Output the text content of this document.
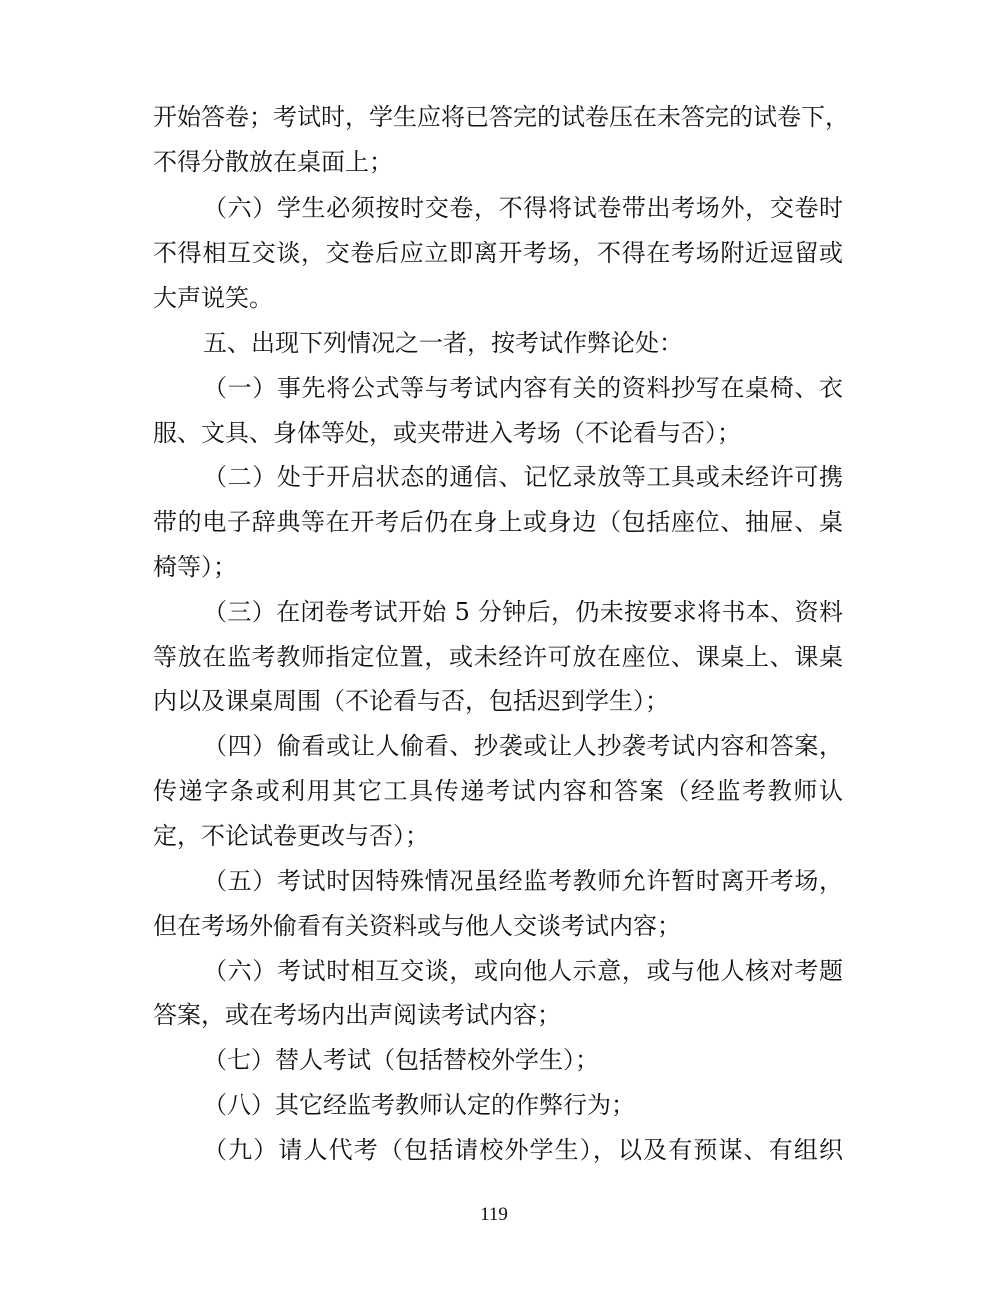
开始答卷；考试时，学生应将已答完的试卷压在未答完的试卷下，
不得分散放在桌面上；
（六）学生必须按时交卷，不得将试卷带出考场外，交卷时
不得相互交谈，交卷后应立即离开考场，不得在考场附近逗留或
大声说笑。
五、出现下列情况之一者，按考试作弊论处：
（一）事先将公式等与考试内容有关的资料抄写在桌椅、衣
服、文具、身体等处，或夹带进入考场（不论看与否）；
（二）处于开启状态的通信、记忆录放等工具或未经许可携
带的电子辞典等在开考后仍在身上或身边（包括座位、抽屉、桌
椅等）；
（三）在闭卷考试开始 5 分钟后，仍未按要求将书本、资料
等放在监考教师指定位置，或未经许可放在座位、课桌上、课桌
内以及课桌周围（不论看与否，包括迟到学生）；
（四）偷看或让人偷看、抄袭或让人抄袭考试内容和答案，
传递字条或利用其它工具传递考试内容和答案（经监考教师认
定，不论试卷更改与否）；
（五）考试时因特殊情况虽经监考教师允许暂时离开考场，
但在考场外偷看有关资料或与他人交谈考试内容；
（六）考试时相互交谈，或向他人示意，或与他人核对考题
答案，或在考场内出声阅读考试内容；
（七）替人考试（包括替校外学生）；
（八）其它经监考教师认定的作弊行为；
（九）请人代考（包括请校外学生），以及有预谋、有组织
119
